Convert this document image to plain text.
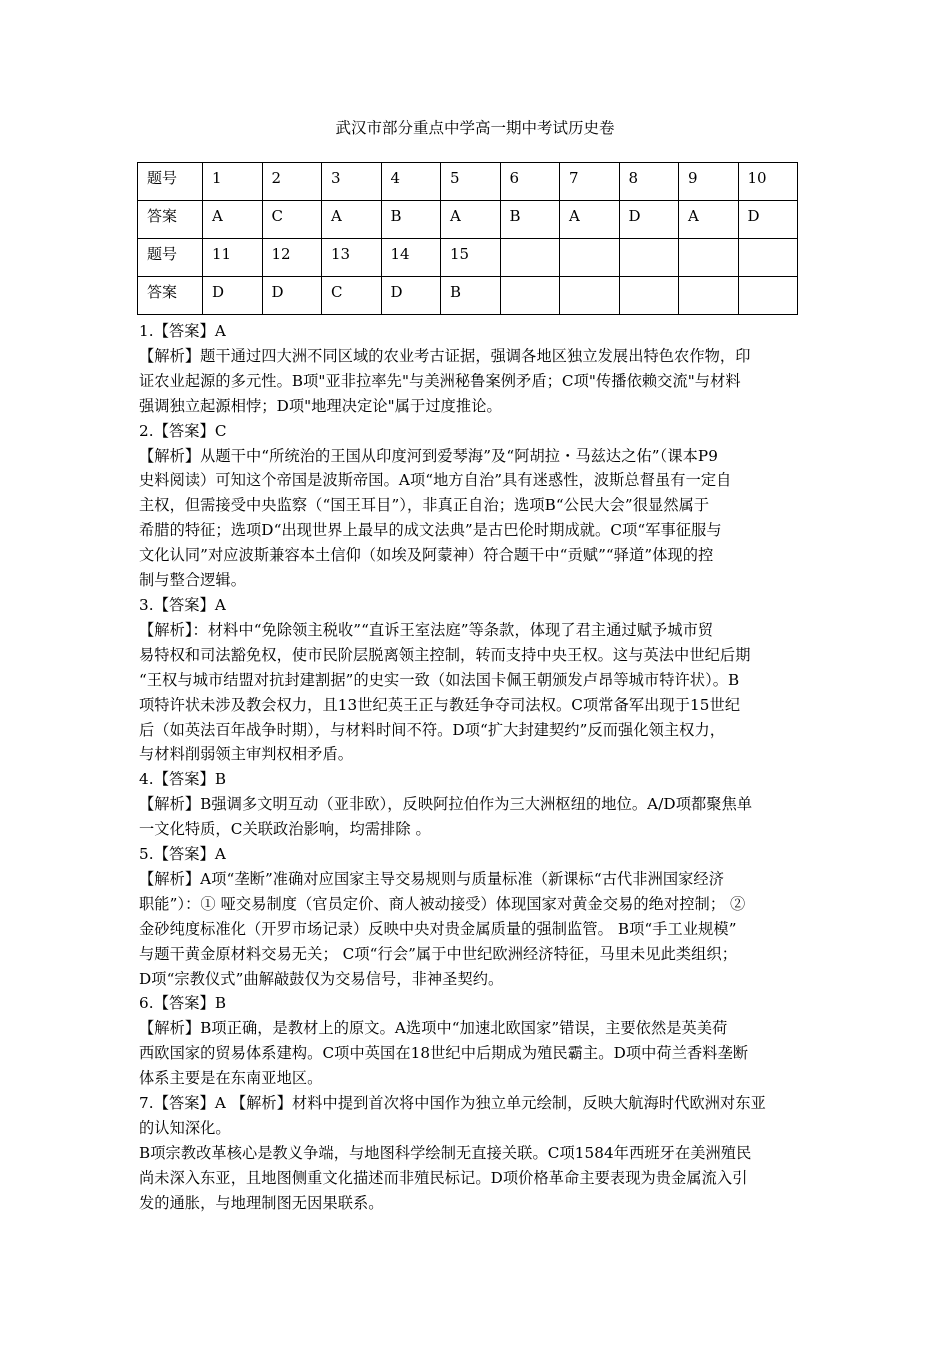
武汉市部分重点中学高一期中考试历史卷
题号	1	2	3	4	5	6	7	8	9	10
答案	A	C	A	B	A	B	A	D	A	D
题号	11	12	13	14	15					
答案	D	D	C	D	B					

1.【答案】A

【解析】题干通过四大洲不同区域的农业考古证据，强调各地区独立发展出特色农作物，印

证农业起源的多元性。B项"亚非拉率先"与美洲秘鲁案例矛盾；C项"传播依赖交流"与材料

强调独立起源相悖；D项"地理决定论"属于过度推论。

2.【答案】C

【解析】从题干中“所统治的王国从印度河到爱琴海”及“阿胡拉・马兹达之佑”（课本P9

史料阅读）可知这个帝国是波斯帝国。A项“地方自治”具有迷惑性，波斯总督虽有一定自

主权，但需接受中央监察（“国王耳目”），非真正自治；选项B“公民大会”很显然属于

希腊的特征；选项D“出现世界上最早的成文法典”是古巴伦时期成就。C项“军事征服与

文化认同”对应波斯兼容本土信仰（如埃及阿蒙神）符合题干中“贡赋”“驿道”体现的控

制与整合逻辑。

3.【答案】A

【解析】：材料中“免除领主税收”“直诉王室法庭”等条款，体现了君主通过赋予城市贸

易特权和司法豁免权，使市民阶层脱离领主控制，转而支持中央王权。这与英法中世纪后期

“王权与城市结盟对抗封建割据”的史实一致（如法国卡佩王朝颁发卢昂等城市特许状）。B

项特许状未涉及教会权力，且13世纪英王正与教廷争夺司法权。C项常备军出现于15世纪

后（如英法百年战争时期），与材料时间不符。D项“扩大封建契约”反而强化领主权力，

与材料削弱领主审判权相矛盾。

4.【答案】B

【解析】B强调多文明互动（亚非欧），反映阿拉伯作为三大洲枢纽的地位。A/D项都聚焦单

一文化特质，C关联政治影响，均需排除 。

5.【答案】A

【解析】A项“垄断”准确对应国家主导交易规则与质量标准（新课标“古代非洲国家经济

职能”）：① 哑交易制度（官员定价、商人被动接受）体现国家对黄金交易的绝对控制； ②

金砂纯度标准化（开罗市场记录）反映中央对贵金属质量的强制监管。 B项“手工业规模”

与题干黄金原材料交易无关； C项“行会”属于中世纪欧洲经济特征，马里未见此类组织；

D项“宗教仪式”曲解敲鼓仅为交易信号，非神圣契约。

6.【答案】B

【解析】B项正确，是教材上的原文。A选项中“加速北欧国家”错误，主要依然是英美荷

西欧国家的贸易体系建构。C项中英国在18世纪中后期成为殖民霸主。D项中荷兰香料垄断

体系主要是在东南亚地区。

7.【答案】A 【解析】材料中提到首次将中国作为独立单元绘制，反映大航海时代欧洲对东亚

的认知深化。

B项宗教改革核心是教义争端，与地图科学绘制无直接关联。C项1584年西班牙在美洲殖民

尚未深入东亚，且地图侧重文化描述而非殖民标记。D项价格革命主要表现为贵金属流入引

发的通胀，与地理制图无因果联系。
